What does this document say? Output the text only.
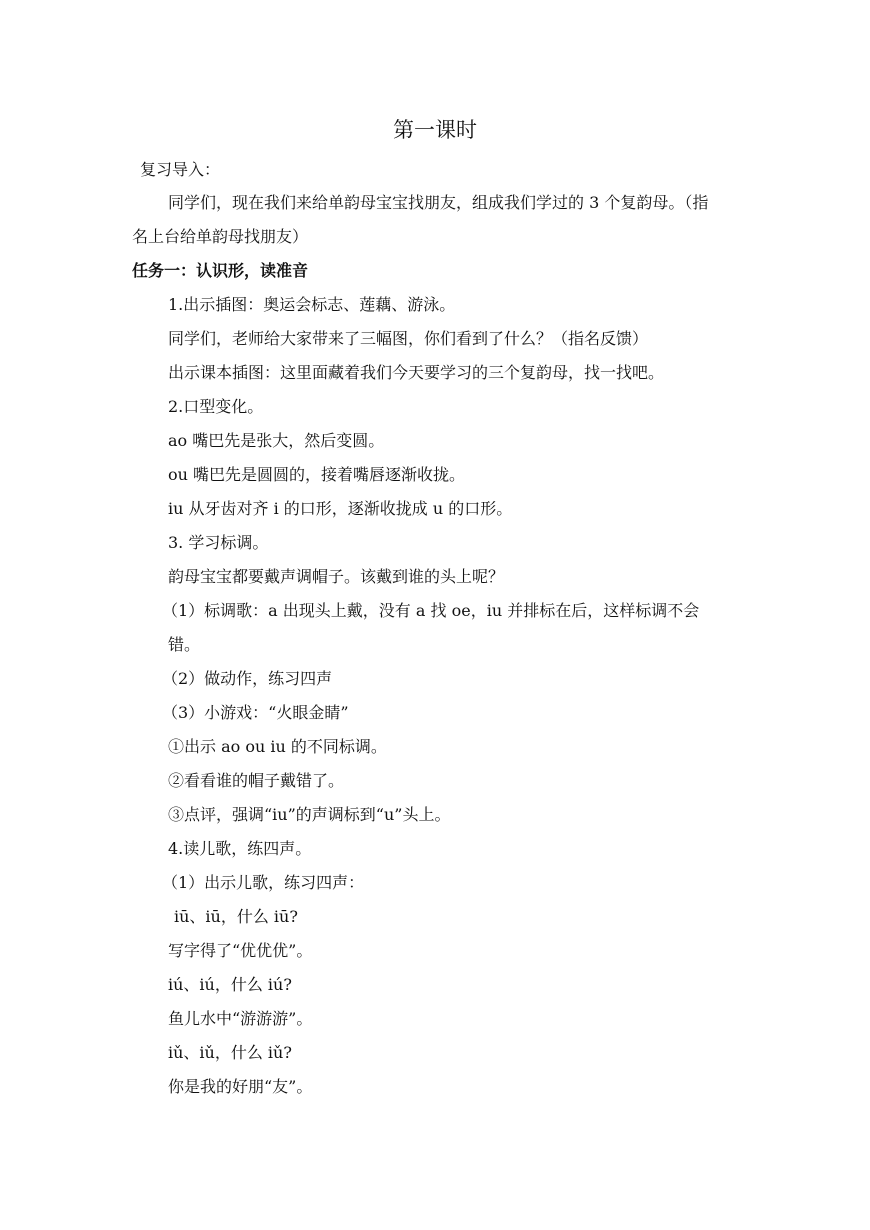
第一课时
复习导入：
同学们，现在我们来给单韵母宝宝找朋友，组成我们学过的 3 个复韵母。（指
名上台给单韵母找朋友）
任务一：认识形，读准音
1.出示插图：奥运会标志、莲藕、游泳。
同学们，老师给大家带来了三幅图，你们看到了什么？（指名反馈）
出示课本插图：这里面藏着我们今天要学习的三个复韵母，找一找吧。
2.口型变化。
ao 嘴巴先是张大，然后变圆。
ou 嘴巴先是圆圆的，接着嘴唇逐渐收拢。
iu 从牙齿对齐 i 的口形，逐渐收拢成 u 的口形。
3. 学习标调。
韵母宝宝都要戴声调帽子。该戴到谁的头上呢？
（1）标调歌：a 出现头上戴，没有 a 找 oe，iu 并排标在后，这样标调不会
错。
（2）做动作，练习四声
（3）小游戏：“火眼金睛”
①出示 ao ou iu 的不同标调。
②看看谁的帽子戴错了。
③点评，强调“iu”的声调标到“u”头上。
4.读儿歌，练四声。
（1）出示儿歌，练习四声：
iū、iū，什么 iū?
写字得了“优优优”。
iú、iú，什么 iú?
鱼儿水中“游游游”。
iǔ、iǔ，什么 iǔ?
你是我的好朋“友”。
